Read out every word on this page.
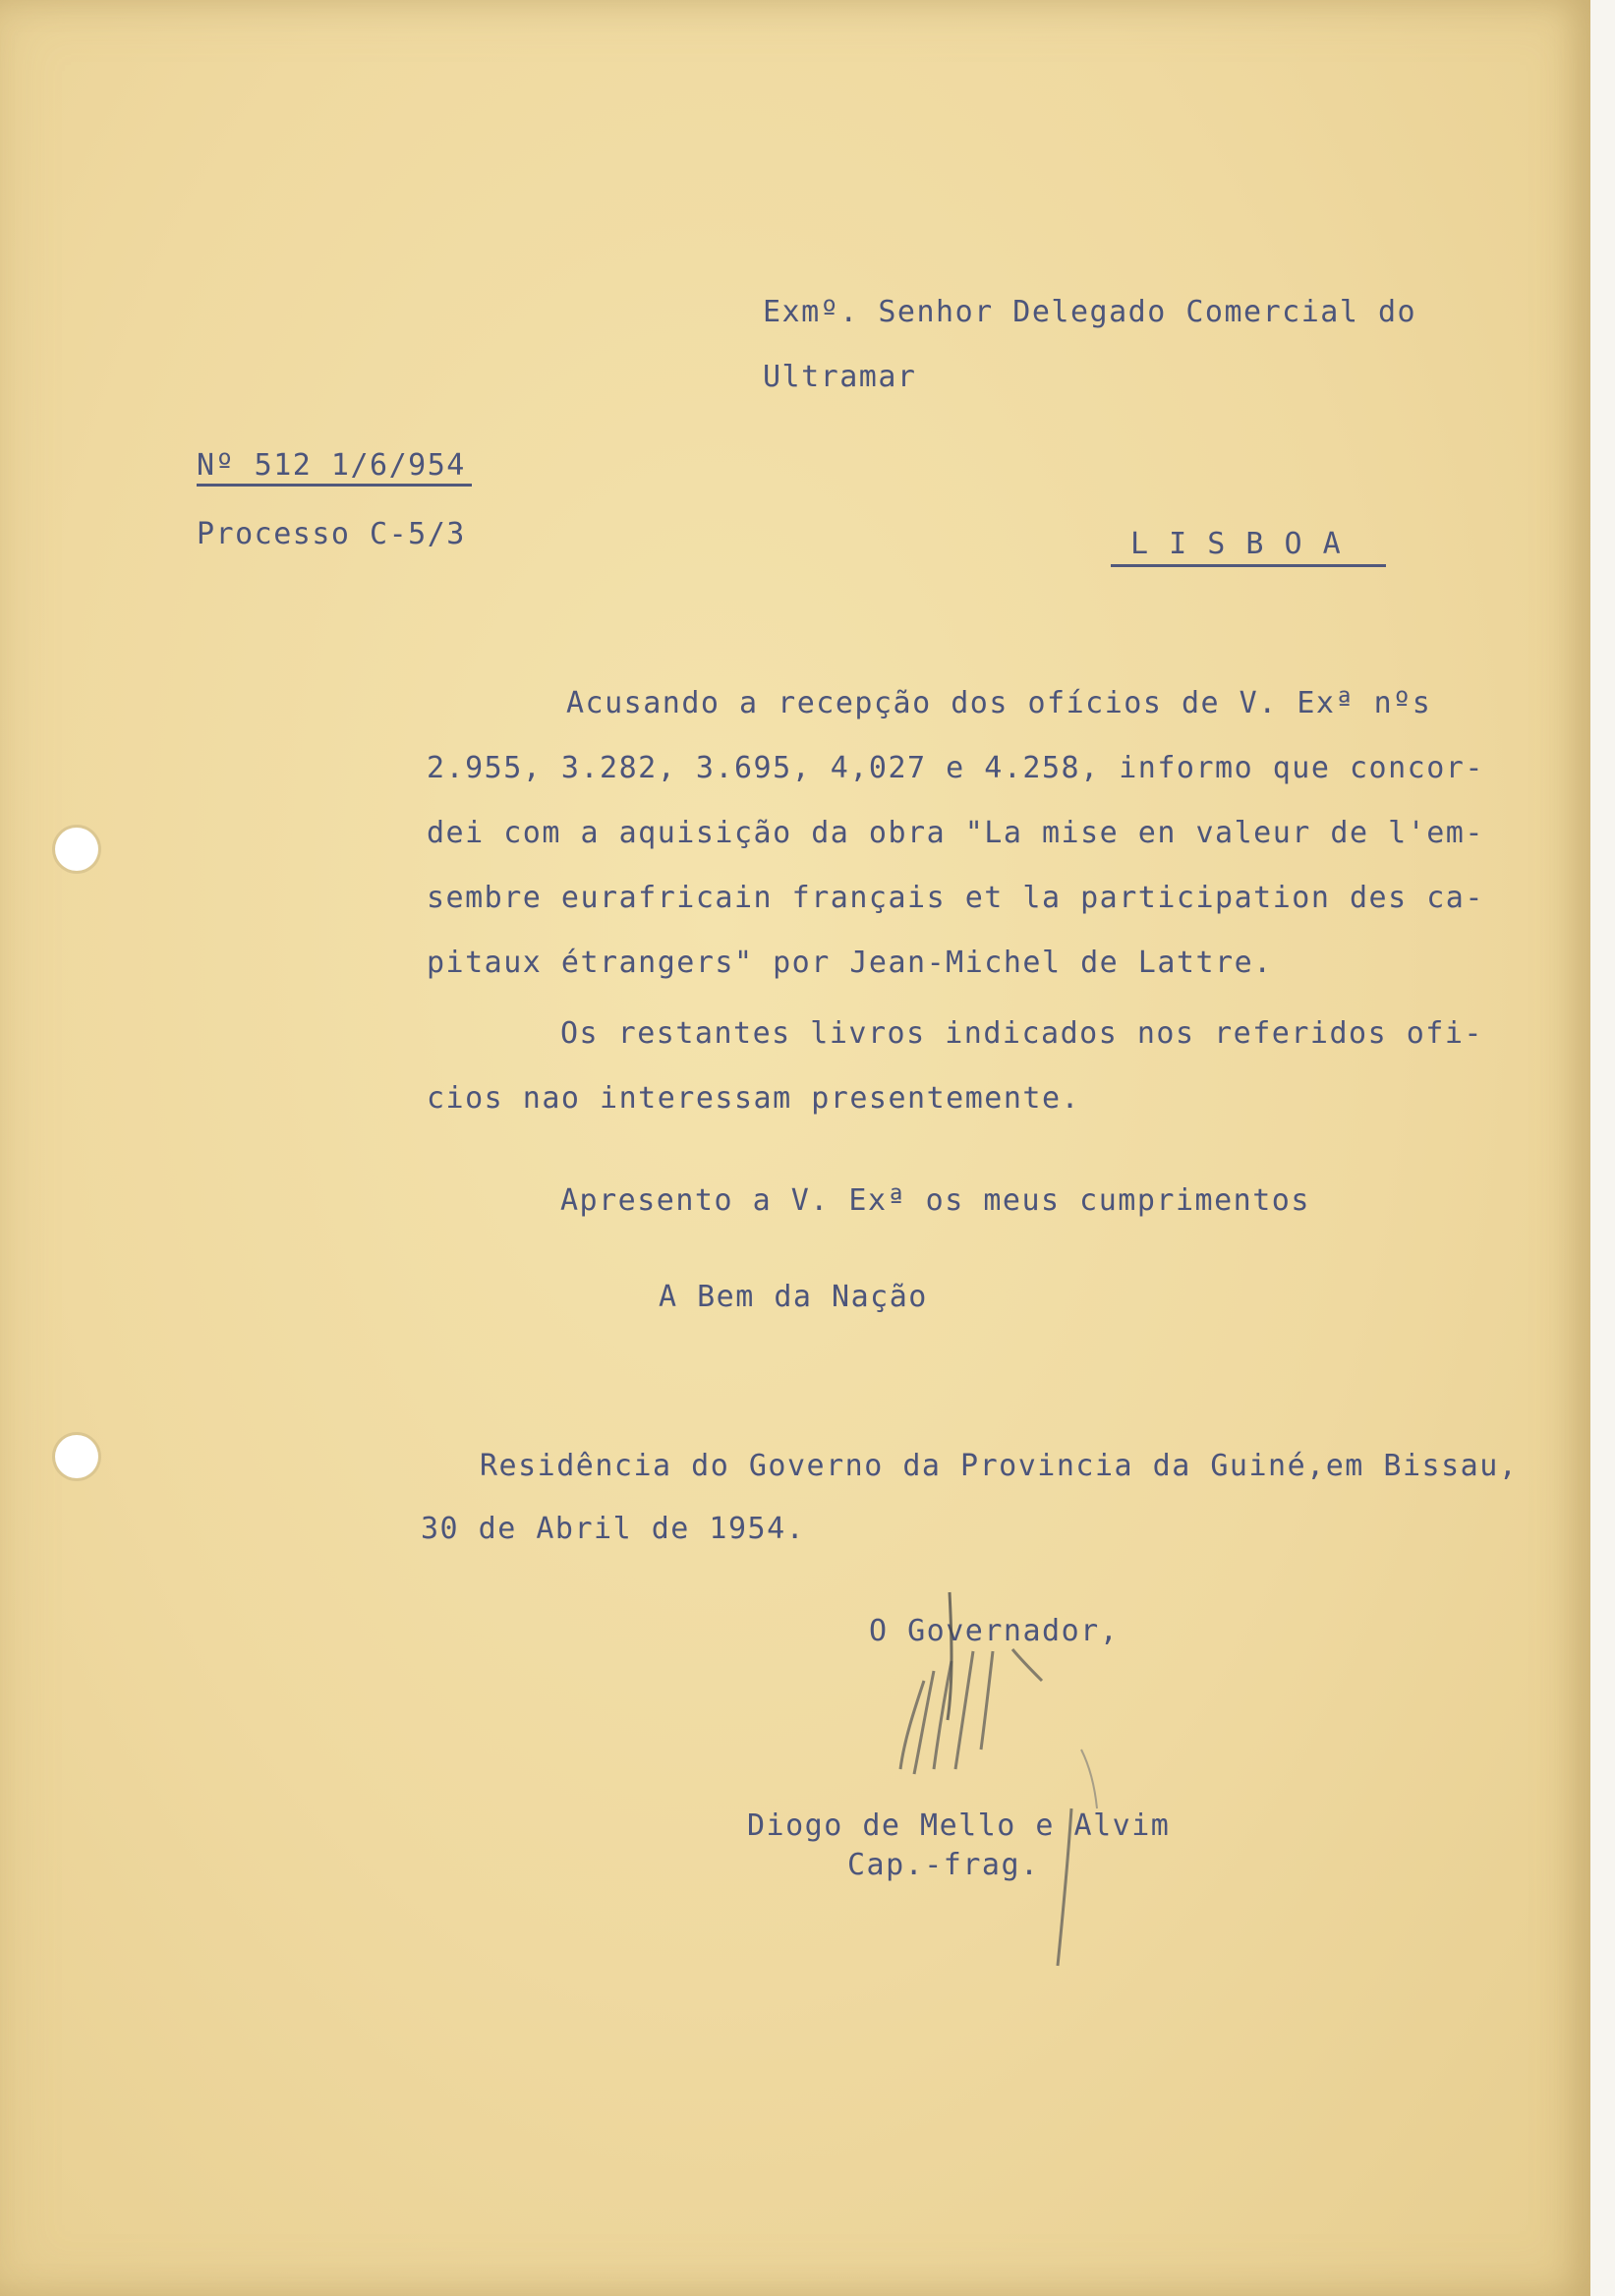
Exmº. Senhor Delegado Comercial do
Ultramar
Nº 512 1/6/954
Processo C-5/3	L I S B O A
Acusando a recepção dos ofícios de V. Exª nºs
2.955, 3.282, 3.695, 4,027 e 4.258, informo que concor-
dei com a aquisição da obra "La mise en valeur de l'em-
sembre eurafricain français et la participation des ca-
pitaux étrangers" por Jean-Michel de Lattre.
Os restantes livros indicados nos referidos ofi-
cios nao interessam presentemente.
Apresento a V. Exª os meus cumprimentos
A Bem da Nação
Residência do Governo da Provincia da Guiné,em Bissau,
30 de Abril de 1954.
O Governador,
Diogo de Mello e Alvim
Cap.-frag.
